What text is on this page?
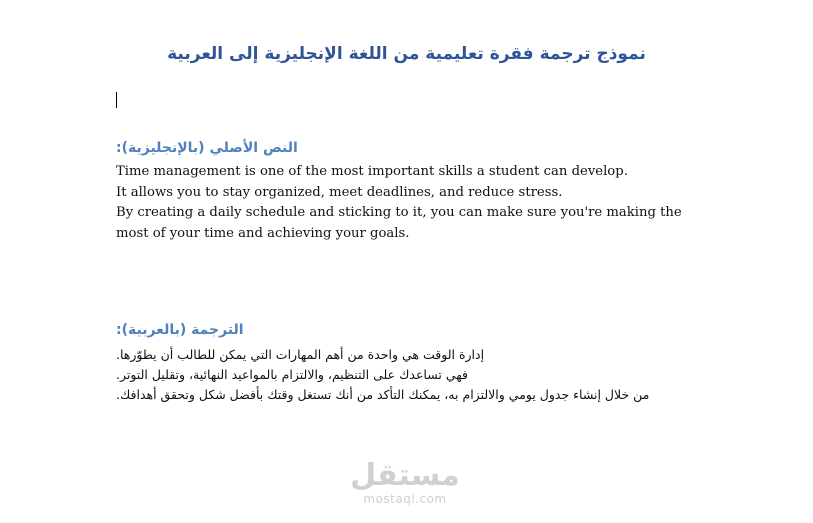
نموذج ترجمة فقرة تعليمية من اللغة الإنجليزية إلى العربية
النص الأصلي (بالإنجليزية):

Time management is one of the most important skills a student can develop.

It allows you to stay organized, meet deadlines, and reduce stress.

By creating a daily schedule and sticking to it, you can make sure you're making the most of your time and achieving your goals.

الترجمة (بالعربية):

إدارة الوقت هي واحدة من أهم المهارات التي يمكن للطالب أن يطوّرها.

فهي تساعدك على التنظيم، والالتزام بالمواعيد النهائية، وتقليل التوتر.

من خلال إنشاء جدول يومي والالتزام به، يمكنك التأكد من أنك تستغل وقتك بأفضل شكل وتحقق أهدافك.

مستقل
mostaql.com
